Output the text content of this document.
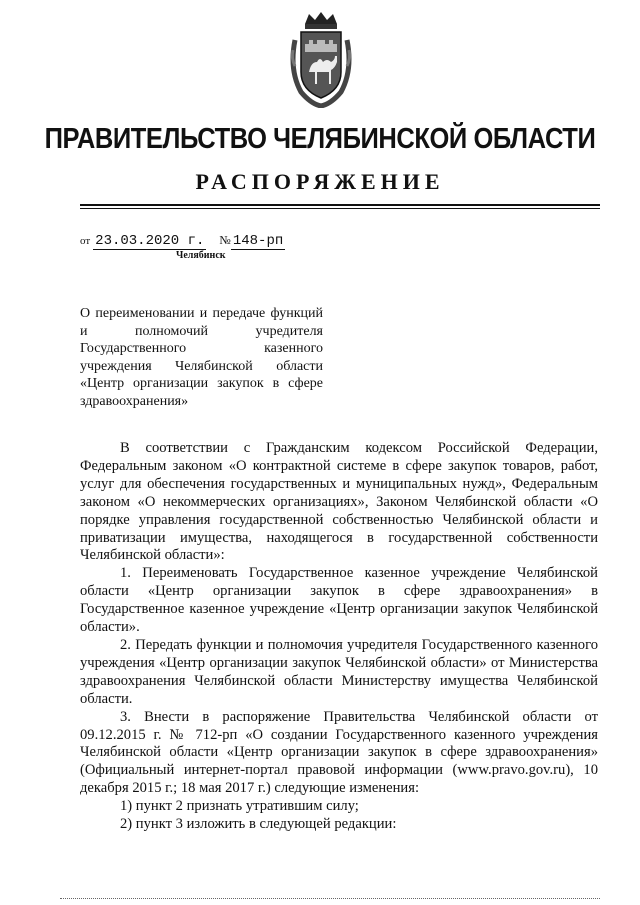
ПРАВИТЕЛЬСТВО ЧЕЛЯБИНСКОЙ ОБЛАСТИ
РАСПОРЯЖЕНИЕ
от 23.03.2020 г. № 148-рп
Челябинск
О переименовании и передаче функций и полномочий учредителя Государственного казенного учреждения Челябинской области «Центр организации закупок в сфере здравоохранения»

В соответствии с Гражданским кодексом Российской Федерации, Федеральным законом «О контрактной системе в сфере закупок товаров, работ, услуг для обеспечения государственных и муниципальных нужд», Федеральным законом «О некоммерческих организациях», Законом Челябинской области «О порядке управления государственной собственностью Челябинской области и приватизации имущества, находящегося в государственной собственности Челябинской области»:

1. Переименовать Государственное казенное учреждение Челябинской области «Центр организации закупок в сфере здравоохранения» в Государственное казенное учреждение «Центр организации закупок Челябинской области».

2. Передать функции и полномочия учредителя Государственного казенного учреждения «Центр организации закупок Челябинской области» от Министерства здравоохранения Челябинской области Министерству имущества Челябинской области.

3. Внести в распоряжение Правительства Челябинской области от 09.12.2015 г. № 712-рп «О создании Государственного казенного учреждения Челябинской области «Центр организации закупок в сфере здравоохранения» (Официальный интернет-портал правовой информации (www.pravo.gov.ru), 10 декабря 2015 г.; 18 мая 2017 г.) следующие изменения:

1) пункт 2 признать утратившим силу;

2) пункт 3 изложить в следующей редакции:
